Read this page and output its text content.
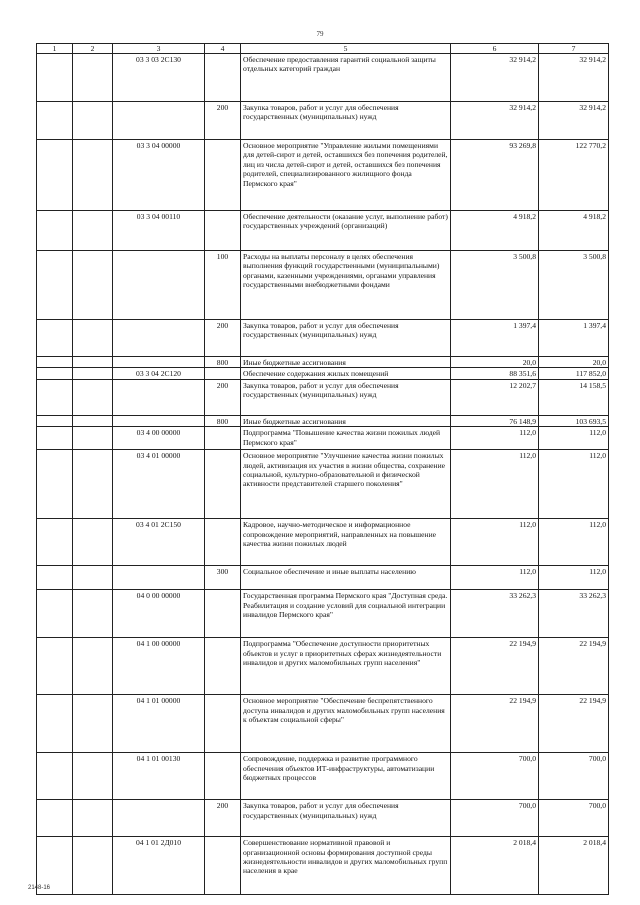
79
1	2	3	4	5	6	7
		03 3 03 2С130		Обеспечение предоставления гарантий социальной защиты отдельных категорий граждан	32 914,2	32 914,2
			200	Закупка товаров, работ и услуг для обеспечения государственных (муниципальных) нужд	32 914,2	32 914,2
		03 3 04 00000		Основное мероприятие "Управление жилыми помещениями для детей-сирот и детей, оставшихся без попечения родителей, лиц из числа детей-сирот и детей, оставшихся без попечения родителей, специализированного жилищного фонда Пермского края"	93 269,8	122 770,2
		03 3 04 00110		Обеспечение деятельности (оказание услуг, выполнение работ) государственных учреждений (организаций)	4 918,2	4 918,2
			100	Расходы на выплаты персоналу в целях обеспечения выполнения функций государственными (муниципальными) органами, казенными учреждениями, органами управления государственными внебюджетными фондами	3 500,8	3 500,8
			200	Закупка товаров, работ и услуг для обеспечения государственных (муниципальных) нужд	1 397,4	1 397,4
			800	Иные бюджетные ассигнования	20,0	20,0
		03 3 04 2С120		Обеспечение содержания жилых помещений	88 351,6	117 852,0
			200	Закупка товаров, работ и услуг для обеспечения государственных (муниципальных) нужд	12 202,7	14 158,5
			800	Иные бюджетные ассигнования	76 148,9	103 693,5
		03 4 00 00000		Подпрограмма "Повышение качества жизни пожилых людей Пермского края"	112,0	112,0
		03 4 01 00000		Основное мероприятие "Улучшение качества жизни пожилых людей, активизация их участия в жизни общества, сохранение социальной, культурно-образовательной и физической активности представителей старшего поколения"	112,0	112,0
		03 4 01 2С150		Кадровое, научно-методическое и информационное сопровождение мероприятий, направленных на повышение качества жизни пожилых людей	112,0	112,0
			300	Социальное обеспечение и иные выплаты населению	112,0	112,0
		04 0 00 00000		Государственная программа Пермского края "Доступная среда. Реабилитация и создание условий для социальной интеграции инвалидов Пермского края"	33 262,3	33 262,3
		04 1 00 00000		Подпрограмма "Обеспечение доступности приоритетных объектов и услуг в приоритетных сферах жизнедеятельности инвалидов и других маломобильных групп населения"	22 194,9	22 194,9
		04 1 01 00000		Основное мероприятие "Обеспечение беспрепятственного доступа инвалидов и других маломобильных групп населения к объектам социальной сферы"	22 194,9	22 194,9
		04 1 01 00130		Сопровождение, поддержка и развитие программного обеспечения объектов ИТ-инфраструктуры, автоматизации бюджетных процессов	700,0	700,0
			200	Закупка товаров, работ и услуг для обеспечения государственных (муниципальных) нужд	700,0	700,0
		04 1 01 2Д010		Совершенствование нормативной правовой и организационной основы формирования доступной среды жизнедеятельности инвалидов и других маломобильных групп населения в крае	2 018,4	2 018,4
2148-16
